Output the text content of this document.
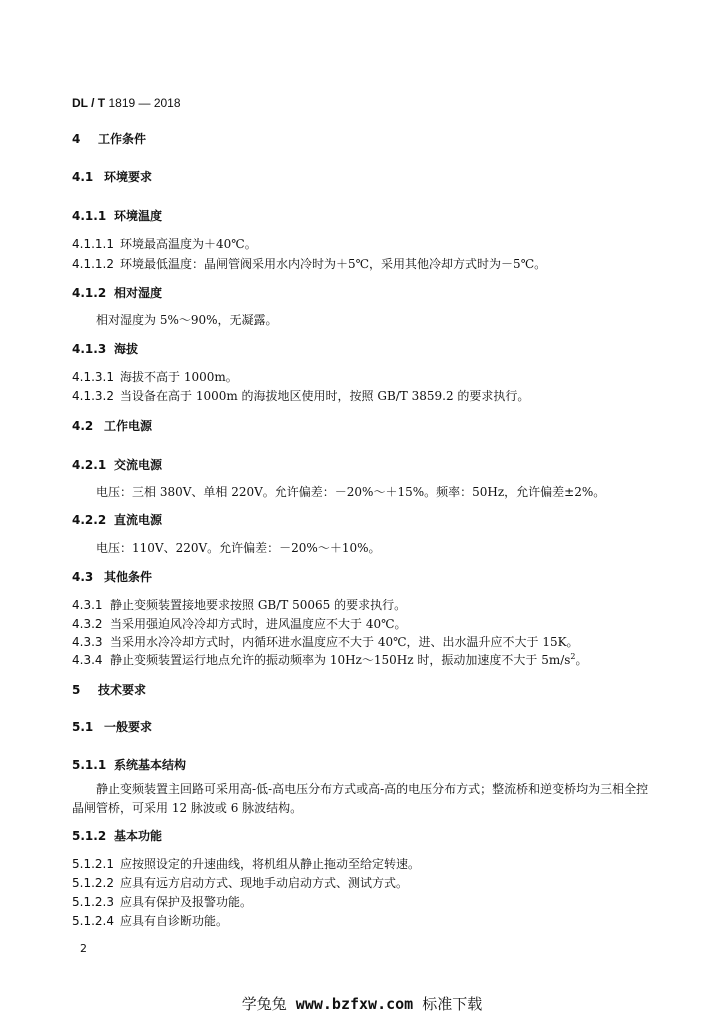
DL / T 1819 — 2018
4 工作条件
4.1 环境要求
4.1.1 环境温度
4.1.1.1 环境最高温度为＋40℃。
4.1.1.2 环境最低温度：晶闸管阀采用水内冷时为＋5℃，采用其他冷却方式时为－5℃。
4.1.2 相对湿度
相对湿度为 5%～90%，无凝露。
4.1.3 海拔
4.1.3.1 海拔不高于 1000m。
4.1.3.2 当设备在高于 1000m 的海拔地区使用时，按照 GB/T 3859.2 的要求执行。
4.2 工作电源
4.2.1 交流电源
电压：三相 380V、单相 220V。允许偏差：－20%～＋15%。频率：50Hz，允许偏差±2%。
4.2.2 直流电源
电压：110V、220V。允许偏差：－20%～＋10%。
4.3 其他条件
4.3.1 静止变频装置接地要求按照 GB/T 50065 的要求执行。
4.3.2 当采用强迫风冷冷却方式时，进风温度应不大于 40℃。
4.3.3 当采用水冷冷却方式时，内循环进水温度应不大于 40℃，进、出水温升应不大于 15K。
4.3.4 静止变频装置运行地点允许的振动频率为 10Hz～150Hz 时，振动加速度不大于 $5m/s^2$。
5 技术要求
5.1 一般要求
5.1.1 系统基本结构
静止变频装置主回路可采用高-低-高电压分布方式或高-高的电压分布方式；整流桥和逆变桥均为三相全控晶闸管桥，可采用 12 脉波或 6 脉波结构。
5.1.2 基本功能
5.1.2.1 应按照设定的升速曲线，将机组从静止拖动至给定转速。
5.1.2.2 应具有远方启动方式、现地手动启动方式、测试方式。
5.1.2.3 应具有保护及报警功能。
5.1.2.4 应具有自诊断功能。
2
学兔兔 www.bzfxw.com 标准下载
